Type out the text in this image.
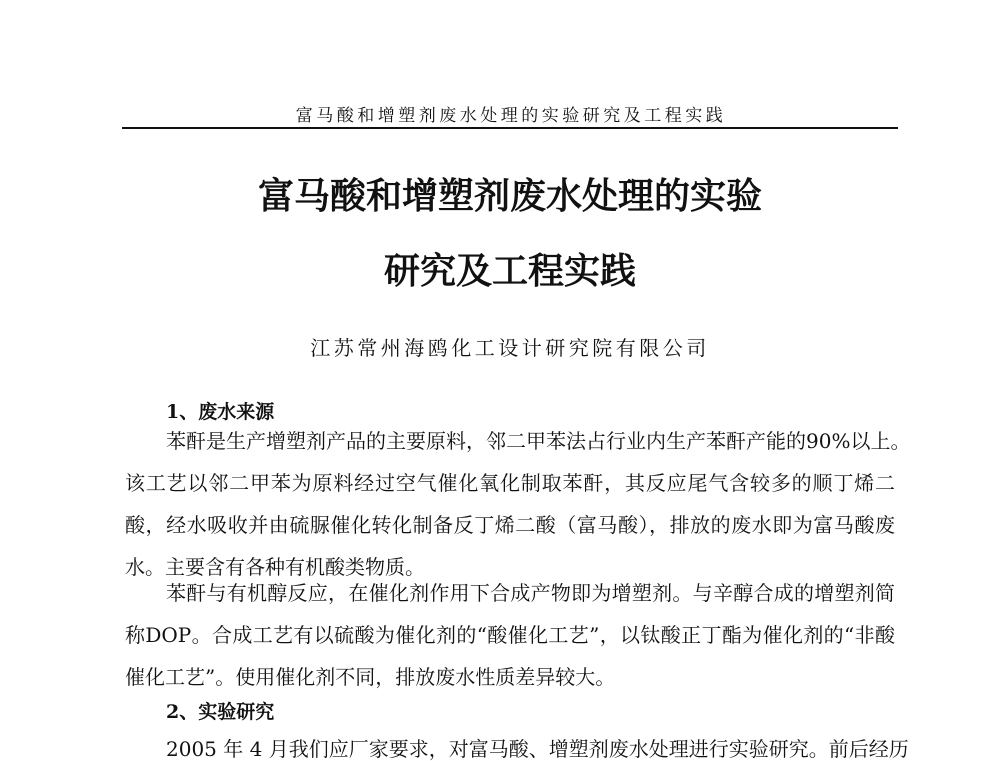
富马酸和增塑剂废水处理的实验研究及工程实践
富马酸和增塑剂废水处理的实验
研究及工程实践
江苏常州海鸥化工设计研究院有限公司
1、废水来源
苯酐是生产增塑剂产品的主要原料，邻二甲苯法占行业内生产苯酐产能的90%以上。
该工艺以邻二甲苯为原料经过空气催化氧化制取苯酐，其反应尾气含较多的顺丁烯二
酸，经水吸收并由硫脲催化转化制备反丁烯二酸（富马酸），排放的废水即为富马酸废
水。主要含有各种有机酸类物质。
苯酐与有机醇反应，在催化剂作用下合成产物即为增塑剂。与辛醇合成的增塑剂简
称DOP。合成工艺有以硫酸为催化剂的“酸催化工艺”，以钛酸正丁酯为催化剂的“非酸
催化工艺”。使用催化剂不同，排放废水性质差异较大。
2、实验研究
2005 年 4 月我们应厂家要求，对富马酸、增塑剂废水处理进行实验研究。前后经历
